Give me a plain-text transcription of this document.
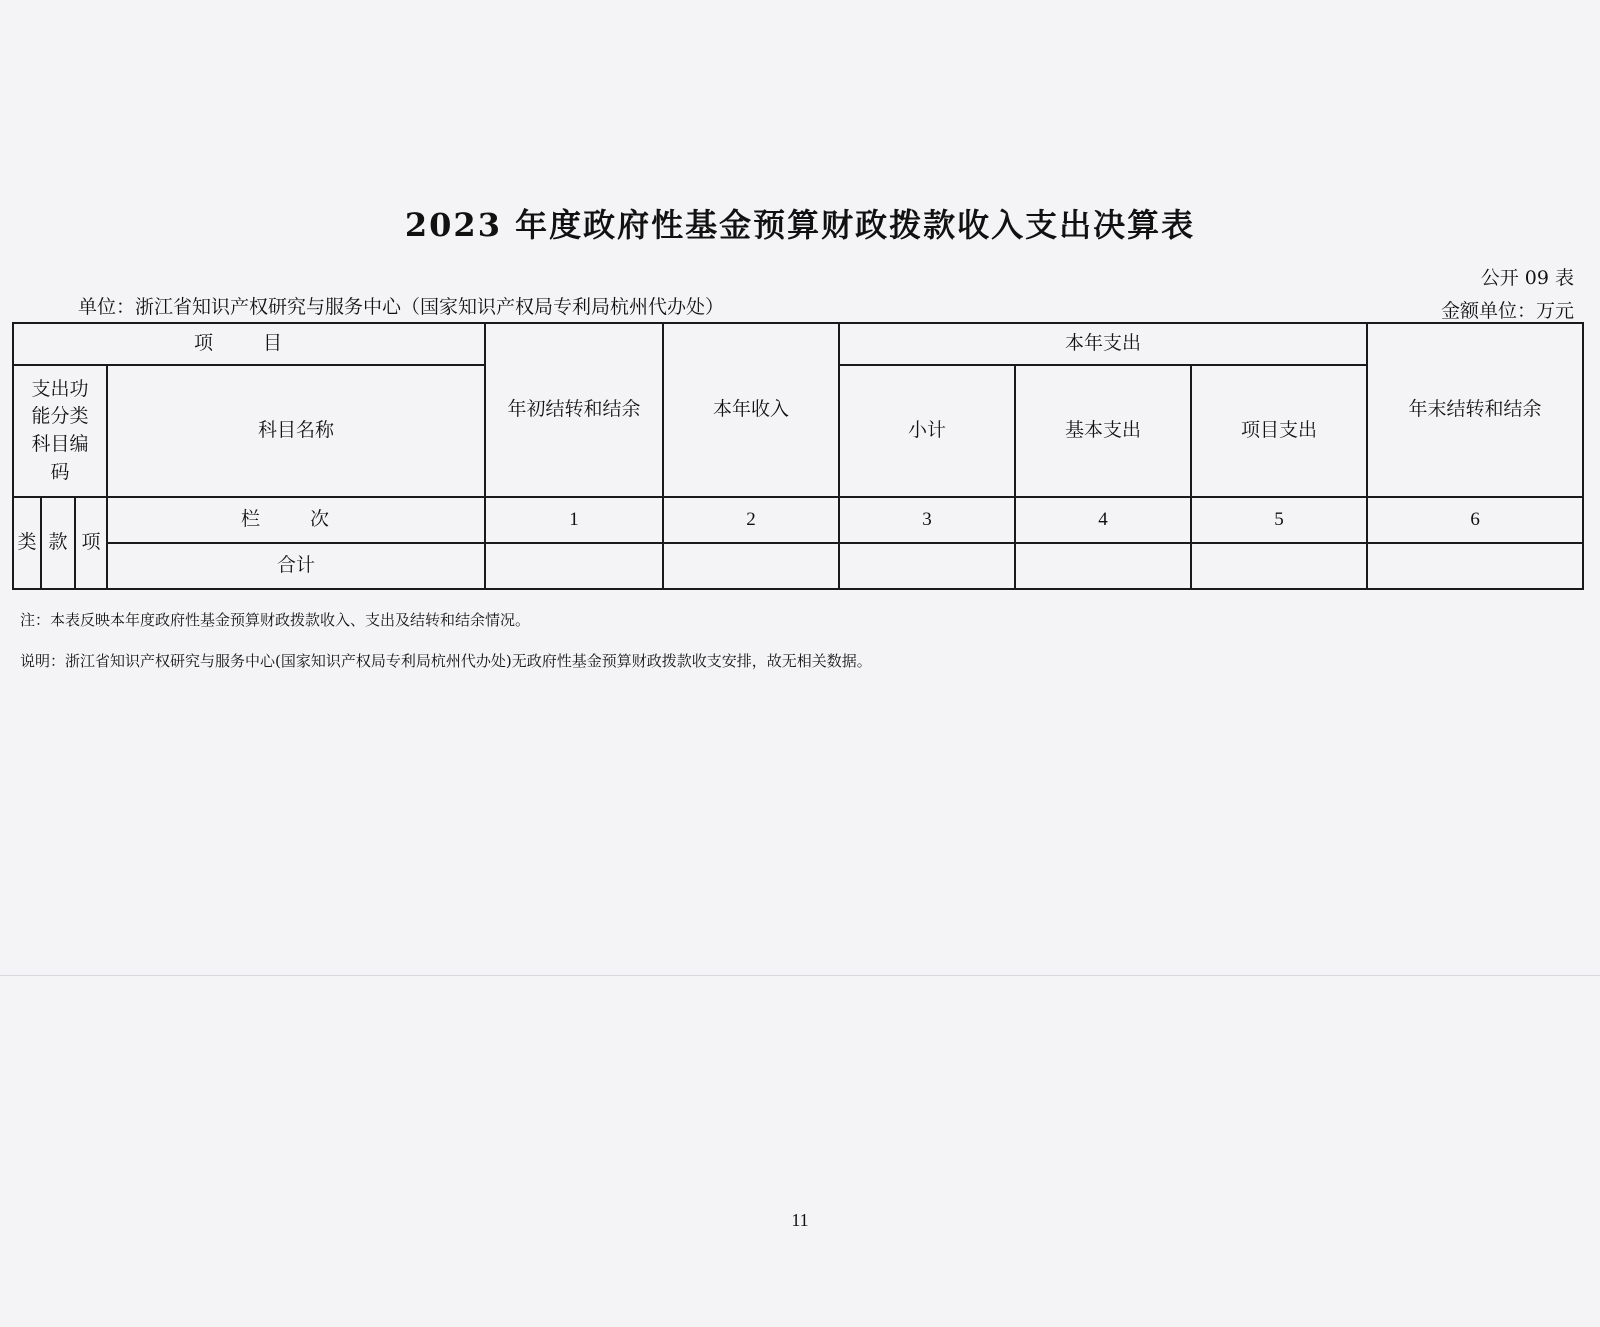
2023 年度政府性基金预算财政拨款收入支出决算表
公开 09 表
单位：浙江省知识产权研究与服务中心（国家知识产权局专利局杭州代办处）	金额单位：万元
项 目				年初结转和结余	本年收入	本年支出			年末结转和结余

支出功
能分类
科目编
码			科目名称			小计	基本支出	项目支出	
类	款	项	栏 次	1	2	3	4	5	6
			合计						
注：本表反映本年度政府性基金预算财政拨款收入、支出及结转和结余情况。
说明：浙江省知识产权研究与服务中心(国家知识产权局专利局杭州代办处)无政府性基金预算财政拨款收支安排，故无相关数据。
11
